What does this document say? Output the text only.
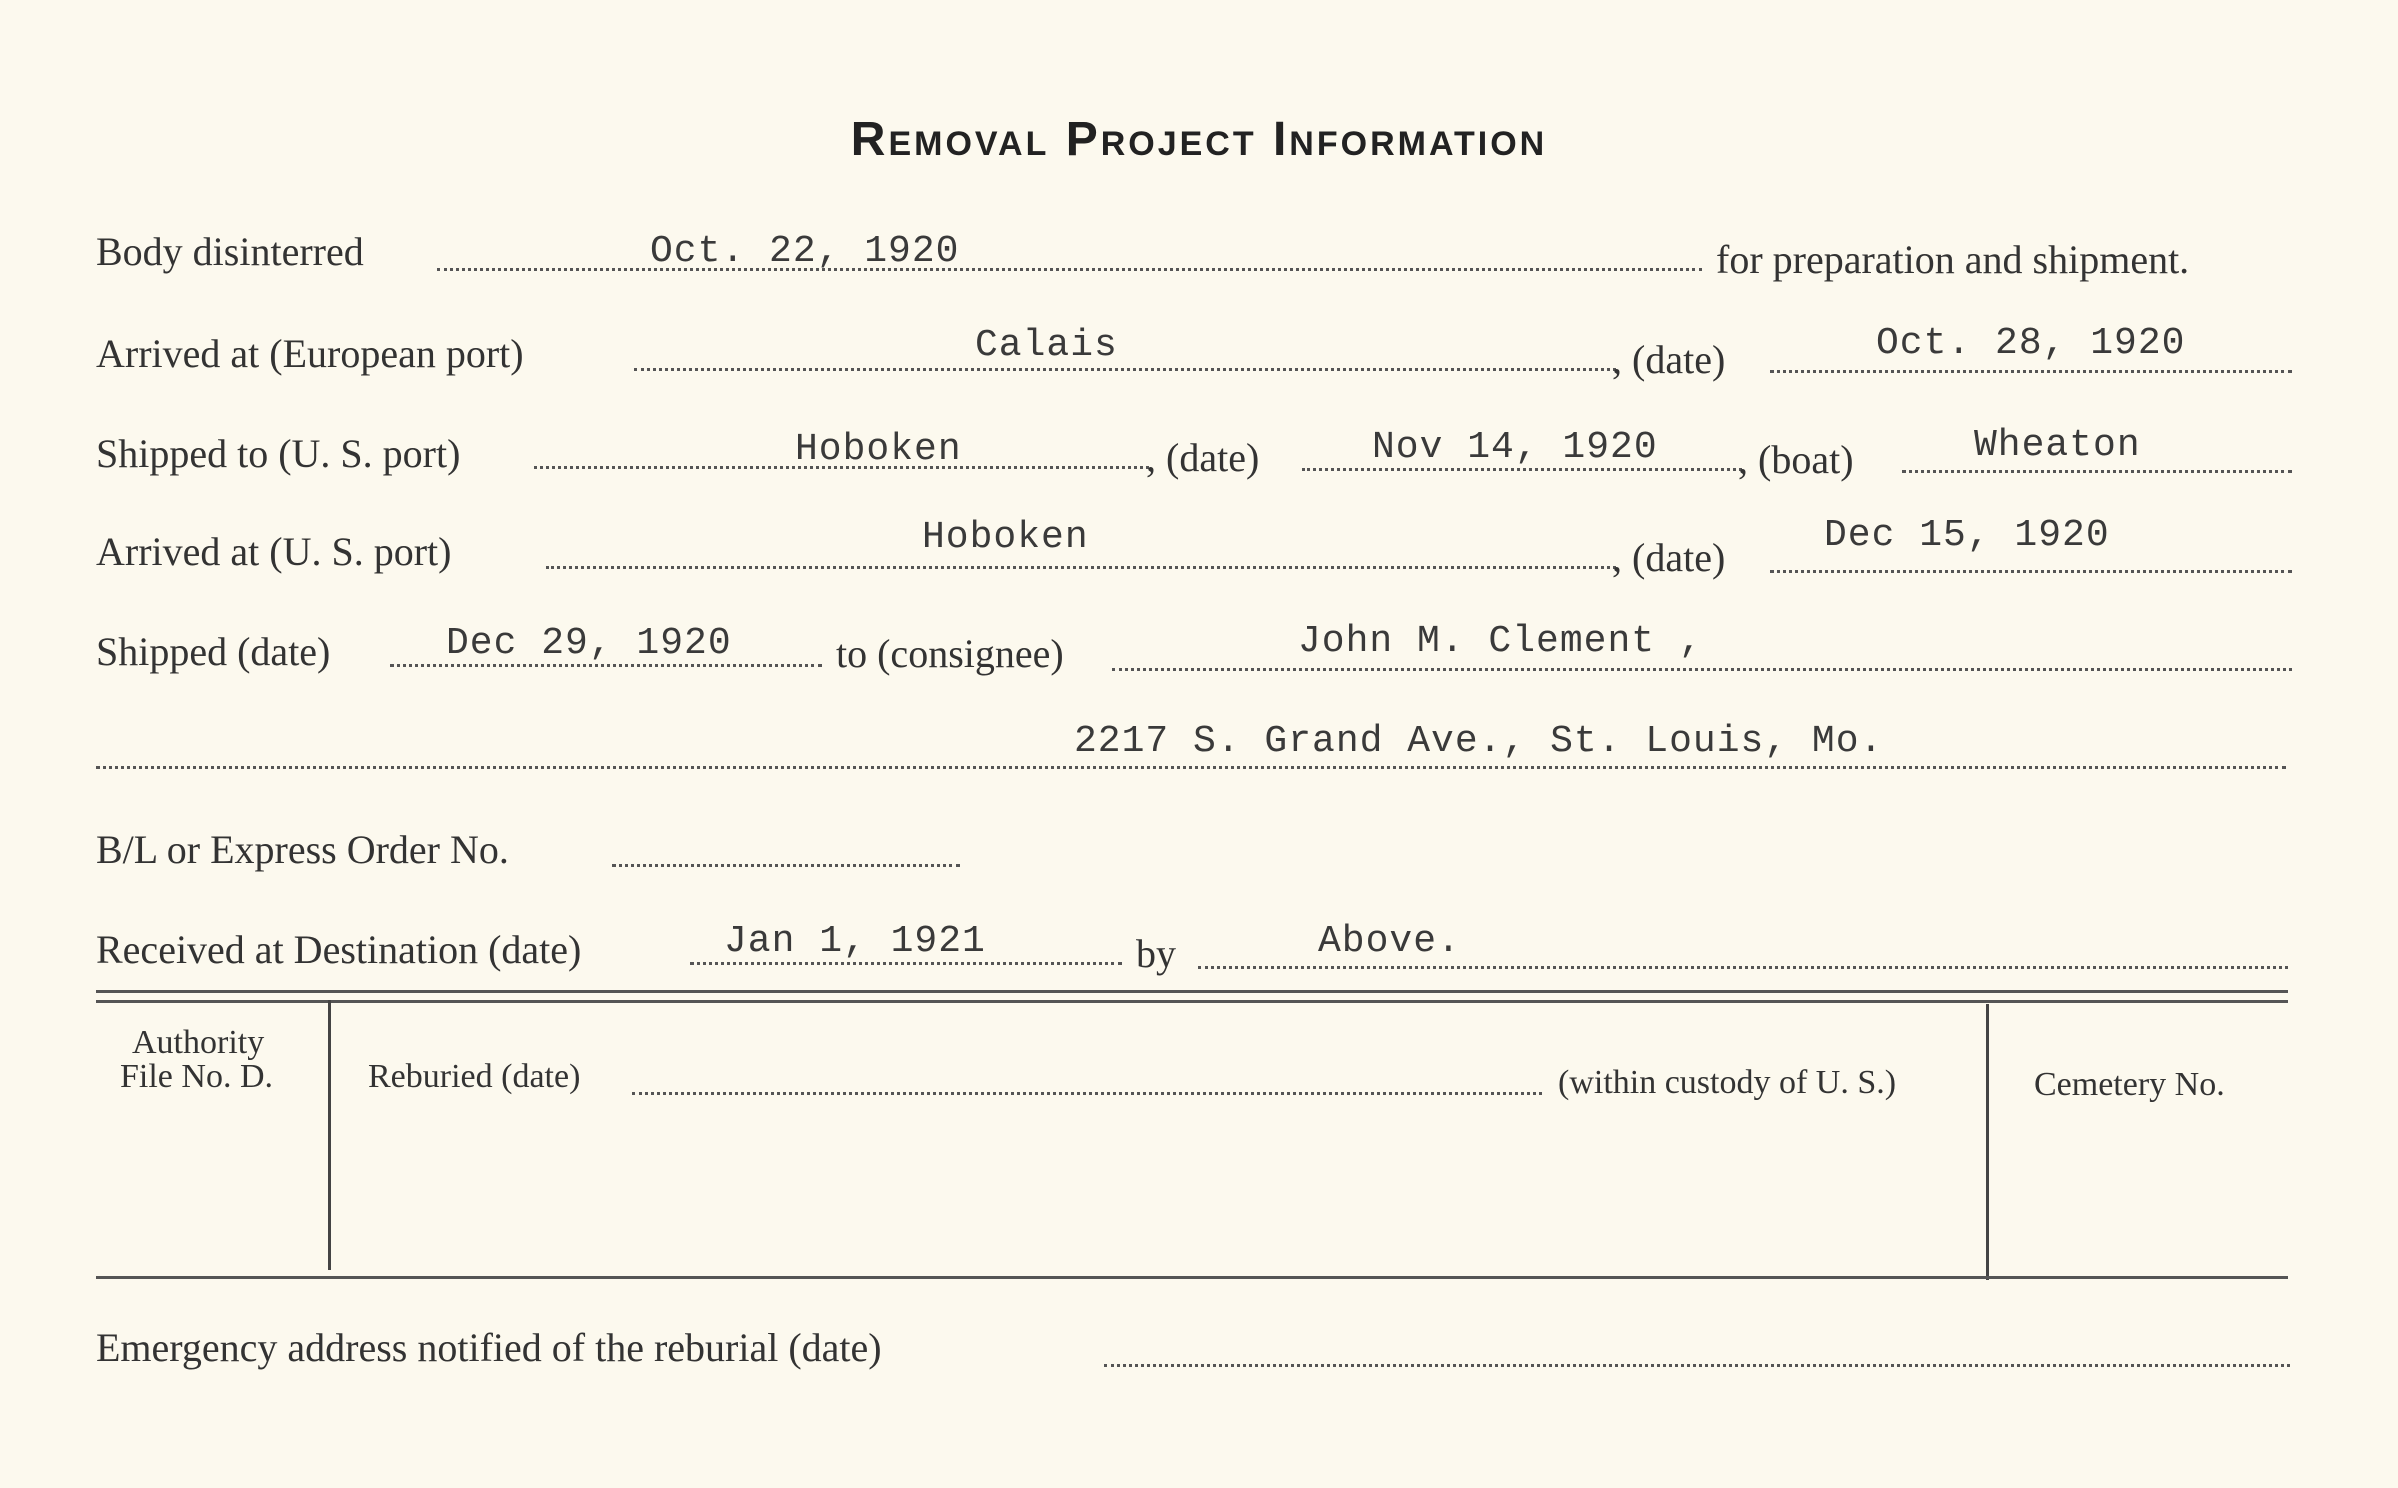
Removal Project Information
Body disinterred	Oct. 22, 1920	for preparation and shipment.
Arrived at (European port)	Calais	, (date)	Oct. 28, 1920
Shipped to (U. S. port)	Hoboken	, (date)	Nov 14, 1920 , (boat)	Wheaton
Arrived at (U. S. port)	Hoboken	, (date)	Dec 15, 1920
Shipped (date)	Dec 29, 1920	to (consignee)	John M. Clement ,
2217 S. Grand Ave., St. Louis, Mo.
B/L or Express Order No.
Received at Destination (date)	Jan 1, 1921	by	Above.
Authority
File No. D.	Reburied (date)	(within custody of U. S.)	Cemetery No.
Emergency address notified of the reburial (date)
